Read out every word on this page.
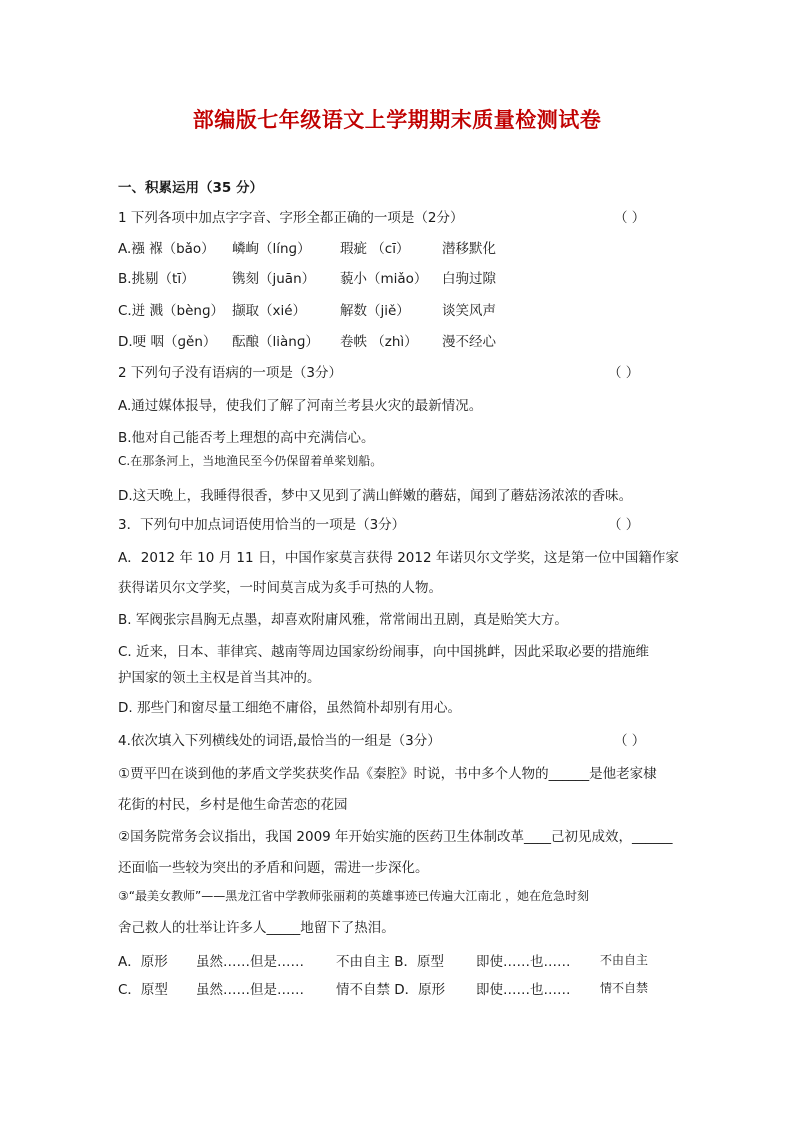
部编版七年级语文上学期期末质量检测试卷
一、积累运用（35 分）
1 下列各项中加点字字音、字形全都正确的一项是（2分）	（ ）
A.襁 褓（bǎo） 嶙峋（línɡ） 瑕疵 （cī） 潜移默化
B.挑剔（tī）	镌刻（juān） 藐小（miǎo） 白驹过隙
C.迸 溅（bènɡ） 撷取（xié）	解数（jiě） 谈笑风声
D.哽 咽（ɡěn） 酝酿（liànɡ） 卷帙 （zhì） 漫不经心
2 下列句子没有语病的一项是（3分）	（ ）
A.通过媒体报导，使我们了解了河南兰考县火灾的最新情况。
B.他对自己能否考上理想的高中充满信心。
C.在那条河上，当地渔民至今仍保留着单桨划船。
D.这天晚上，我睡得很香，梦中又见到了满山鲜嫩的蘑菇，闻到了蘑菇汤浓浓的香味。
3．下列句中加点词语使用恰当的一项是（3分）	（ ）
A．2012 年 10 月 11 日，中国作家莫言获得 2012 年诺贝尔文学奖，这是第一位中国籍作家
获得诺贝尔文学奖，一时间莫言成为炙手可热的人物。
B. 军阀张宗昌胸无点墨，却喜欢附庸风雅，常常闹出丑剧，真是贻笑大方。
C. 近来，日本、菲律宾、越南等周边国家纷纷闹事，向中国挑衅，因此采取必要的措施维
护国家的领土主权是首当其冲的。
D. 那些门和窗尽量工细绝不庸俗，虽然简朴却别有用心。
4.依次填入下列横线处的词语,最恰当的一组是（3分）	（ ）
①贾平凹在谈到他的茅盾文学奖获奖作品《秦腔》时说，书中多个人物的______是他老家棣
花街的村民，乡村是他生命苦恋的花园
②国务院常务会议指出，我国 2009 年开始实施的医药卫生体制改革____己初见成效，______
还面临一些较为突出的矛盾和问题，需进一步深化。
③“最美女教师”——黑龙江省中学教师张丽莉的英雄事迹已传遍大江南北 ，她在危急时刻
舍己救人的壮举让许多人_____地留下了热泪。
A．原形 虽然……但是…… 不由自主 B．原型 即使……也…… 不由自主
C．原型 虽然……但是…… 情不自禁 D．原形 即使……也…… 情不自禁
